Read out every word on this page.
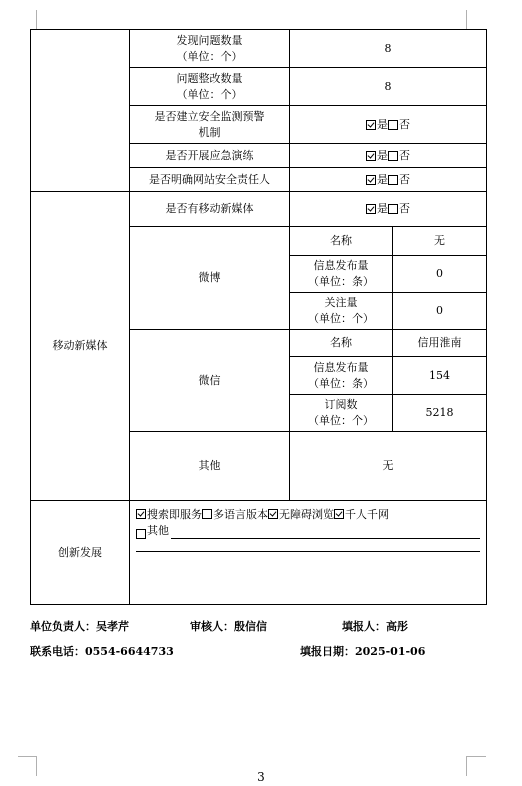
	发现问题数量
（单位：个）	8	
	问题整改数量
（单位：个）	8	
	是否建立安全监测预警
机制	是 否	
	是否开展应急演练	是 否	
	是否明确网站安全责任人	是 否	
移动新媒体	是否有移动新媒体	是 否	
	微博	名称	无
		信息发布量
（单位：条）	0
		关注量
（单位：个）	0
	微信	名称	信用淮南
		信息发布量
（单位：条）	154
		订阅数
（单位：个）	5218
	其他	无	
创新发展	搜索即服务 多语言版本 无障碍浏览 千人千网
其他		
单位负责人：吴孝芹	审核人：殷信信	填报人：高彤
联系电话：0554-6644733	填报日期：2025-01-06
3
